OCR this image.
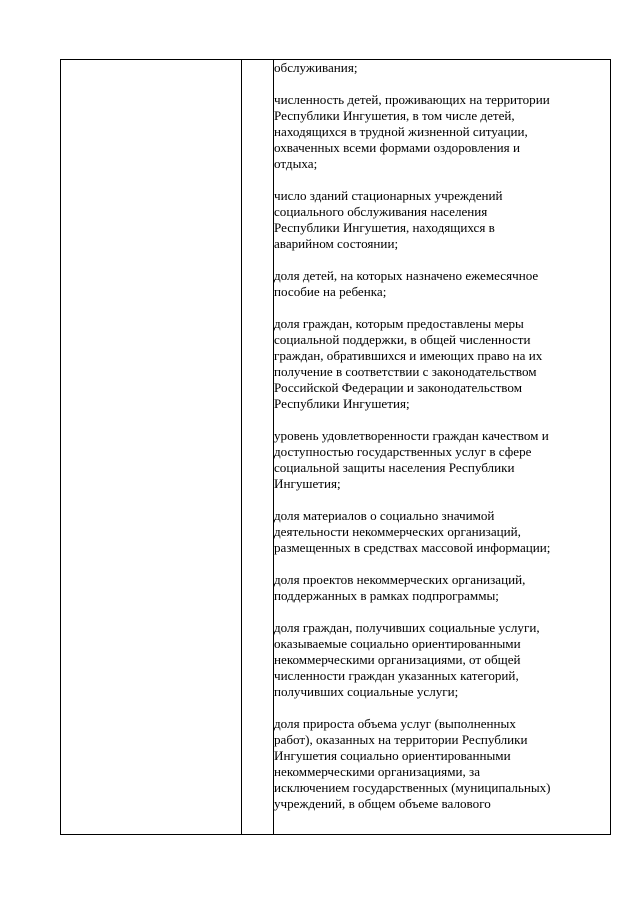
обслуживания;

численность детей, проживающих на территории
Республики Ингушетия, в том числе детей,
находящихся в трудной жизненной ситуации,
охваченных всеми формами оздоровления и
отдыха;

число зданий стационарных учреждений
социального обслуживания населения
Республики Ингушетия, находящихся в
аварийном состоянии;

доля детей, на которых назначено ежемесячное
пособие на ребенка;

доля граждан, которым предоставлены меры
социальной поддержки, в общей численности
граждан, обратившихся и имеющих право на их
получение в соответствии с законодательством
Российской Федерации и законодательством
Республики Ингушетия;

уровень удовлетворенности граждан качеством и
доступностью государственных услуг в сфере
социальной защиты населения Республики
Ингушетия;

доля материалов о социально значимой
деятельности некоммерческих организаций,
размещенных в средствах массовой информации;

доля проектов некоммерческих организаций,
поддержанных в рамках подпрограммы;

доля граждан, получивших социальные услуги,
оказываемые социально ориентированными
некоммерческими организациями, от общей
численности граждан указанных категорий,
получивших социальные услуги;

доля прироста объема услуг (выполненных
работ), оказанных на территории Республики
Ингушетия социально ориентированными
некоммерческими организациями, за
исключением государственных (муниципальных)
учреждений, в общем объеме валового
